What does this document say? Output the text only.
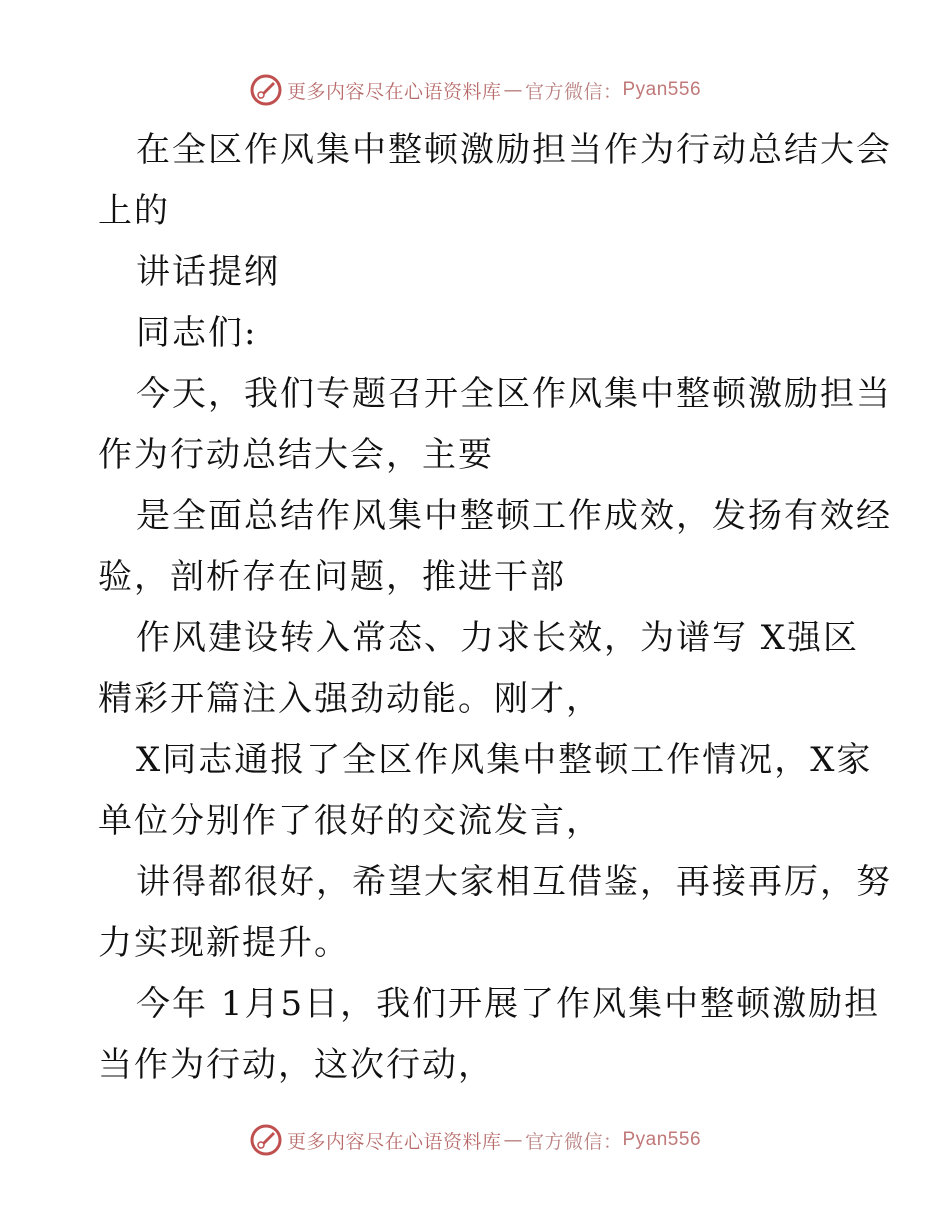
更多内容尽在心语资料库 — 官方微信： Pyan556

在全区作风集中整顿激励担当作为行动总结大会

上的

讲话提纲

同志们:

今天，我们专题召开全区作风集中整顿激励担当

作为行动总结大会，主要

是全面总结作风集中整顿工作成效，发扬有效经

验，剖析存在问题，推进干部

作风建设转入常态、力求长效，为谱写 X强区

精彩开篇注入强劲动能。刚才，

X同志通报了全区作风集中整顿工作情况，X家

单位分别作了很好的交流发言，

讲得都很好，希望大家相互借鉴，再接再厉，努

力实现新提升。

今年 1月5日，我们开展了作风集中整顿激励担

当作为行动，这次行动，

更多内容尽在心语资料库 — 官方微信： Pyan556
